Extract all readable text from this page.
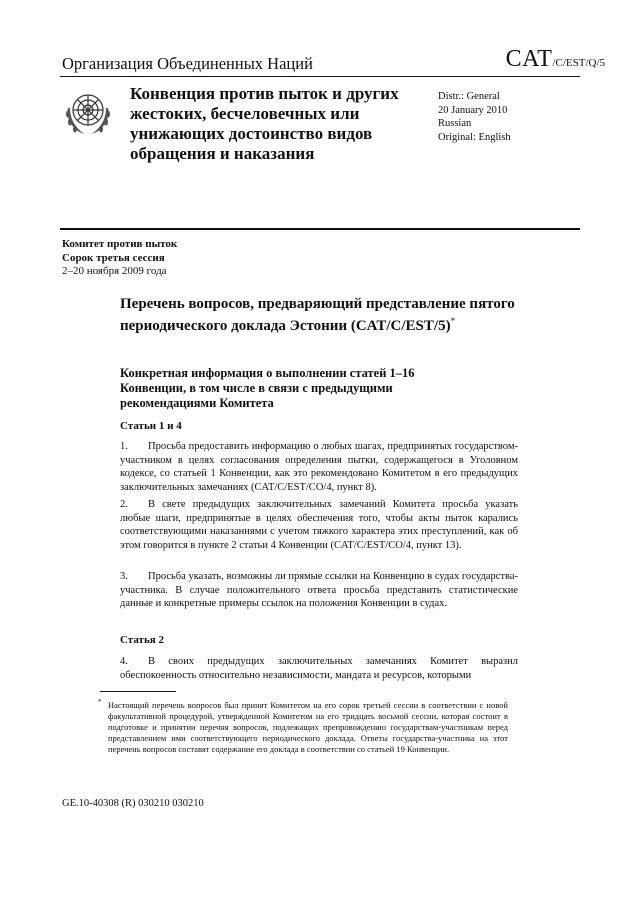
Организация Объединенных Наций	CAT/C/EST/Q/5
Конвенция против пыток и других жестоких, бесчеловечных или унижающих достоинство видов обращения и наказания
Distr.: General
20 January 2010
Russian
Original: English
Комитет против пыток
Сорок третья сессия
2–20 ноября 2009 года
Перечень вопросов, предваряющий представление пятого периодического доклада Эстонии (CAT/C/EST/5)*
Конкретная информация о выполнении статей 1–16 Конвенции, в том числе в связи с предыдущими рекомендациями Комитета
Статьи 1 и 4
1. Просьба предоставить информацию о любых шагах, предпринятых государством-участником в целях согласования определения пытки, содержащегося в Уголовном кодексе, со статьей 1 Конвенции, как это рекомендовано Комитетом в его предыдущих заключительных замечаниях (CAT/C/EST/CO/4, пункт 8).
2. В свете предыдущих заключительных замечаний Комитета просьба указать любые шаги, предпринятые в целях обеспечения того, чтобы акты пыток карались соответствующими наказаниями с учетом тяжкого характера этих преступлений, как об этом говорится в пункте 2 статьи 4 Конвенции (CAT/C/EST/CO/4, пункт 13).
3. Просьба указать, возможны ли прямые ссылки на Конвенцию в судах государства-участника. В случае положительного ответа просьба представить статистические данные и конкретные примеры ссылок на положения Конвенции в судах.
Статья 2
4. В своих предыдущих заключительных замечаниях Комитет выразил обеспокоенность относительно независимости, мандата и ресурсов, которыми
* Настоящий перечень вопросов был принят Комитетом на его сорок третьей сессии в соответствии с новой факультативной процедурой, утвержденной Комитетом на его тридцать восьмой сессии, которая состоит в подготовке и принятии перечня вопросов, подлежащих препровождению государствам-участникам перед представлением ими соответствующего периодического доклада. Ответы государства-участника на этот перечень вопросов составят содержание его доклада в соответствии со статьей 19 Конвенции.
GE.10-40308 (R) 030210 030210
